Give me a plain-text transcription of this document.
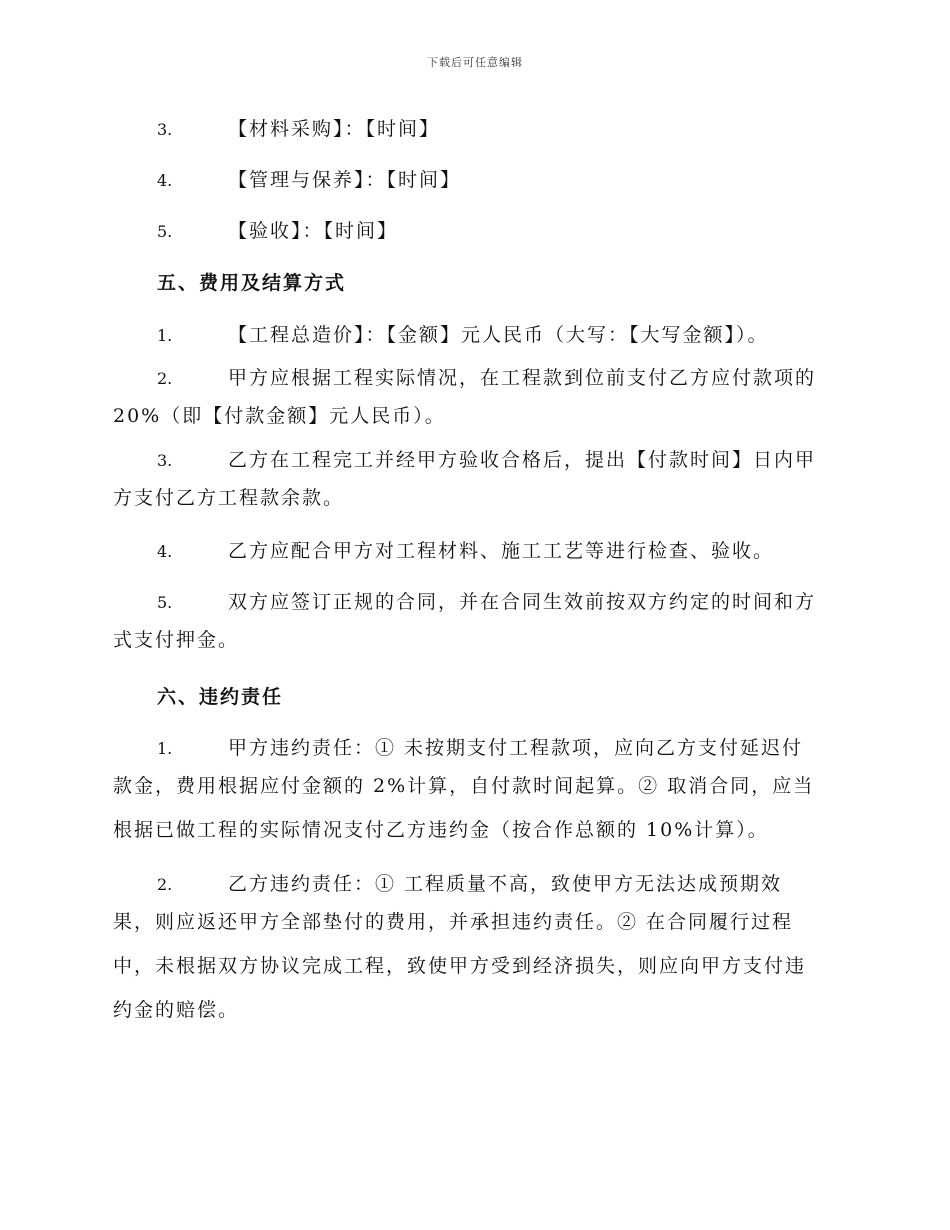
下载后可任意编辑
3.	【材料采购】：【时间】
4.	【管理与保养】：【时间】
5.	【验收】：【时间】
五、费用及结算方式
1.	【工程总造价】：【金额】元人民币（大写：【大写金额】）。
2.	甲方应根据工程实际情况，在工程款到位前支付乙方应付款项的
20%（即【付款金额】元人民币）。
3.	乙方在工程完工并经甲方验收合格后，提出【付款时间】日内甲
方支付乙方工程款余款。
4.	乙方应配合甲方对工程材料、施工工艺等进行检查、验收。
5.	双方应签订正规的合同，并在合同生效前按双方约定的时间和方
式支付押金。
六、违约责任
1.	甲方违约责任：① 未按期支付工程款项，应向乙方支付延迟付
款金，费用根据应付金额的 2%计算，自付款时间起算。② 取消合同，应当
根据已做工程的实际情况支付乙方违约金（按合作总额的 10%计算）。
2.	乙方违约责任：① 工程质量不高，致使甲方无法达成预期效
果，则应返还甲方全部垫付的费用，并承担违约责任。② 在合同履行过程
中，未根据双方协议完成工程，致使甲方受到经济损失，则应向甲方支付违
约金的赔偿。
